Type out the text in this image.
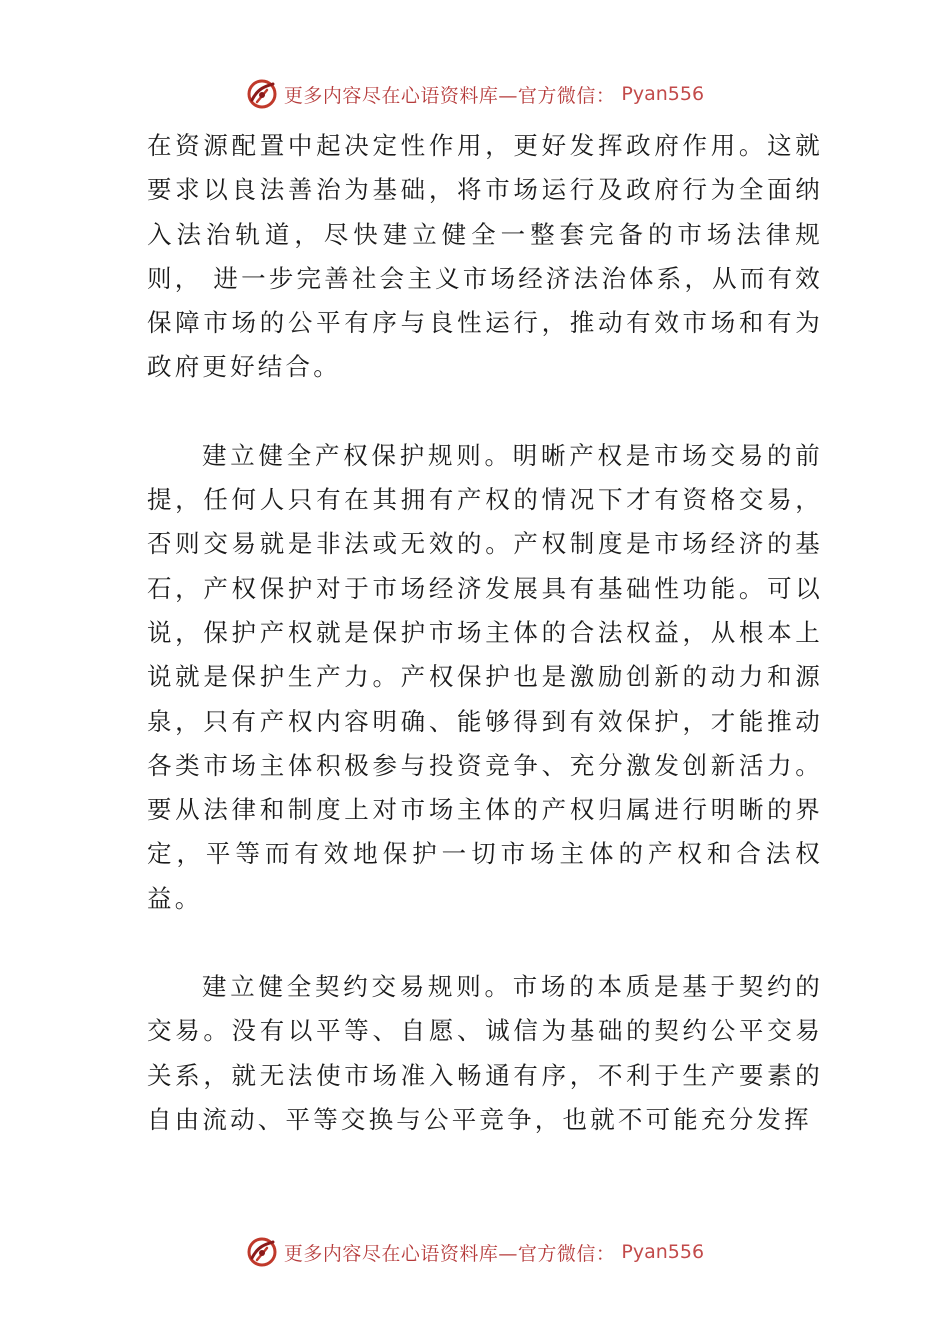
更多内容尽在心语资料库—官方微信： Pyan556

在资源配置中起决定性作用，更好发挥政府作用。这就要求以良法善治为基础，将市场运行及政府行为全面纳入法治轨道，尽快建立健全一整套完备的市场法律规则， 进一步完善社会主义市场经济法治体系，从而有效保障市场的公平有序与良性运行，推动有效市场和有为政府更好结合。

建立健全产权保护规则。明晰产权是市场交易的前提，任何人只有在其拥有产权的情况下才有资格交易，否则交易就是非法或无效的。产权制度是市场经济的基石，产权保护对于市场经济发展具有基础性功能。可以说，保护产权就是保护市场主体的合法权益，从根本上说就是保护生产力。产权保护也是激励创新的动力和源泉，只有产权内容明确、能够得到有效保护，才能推动各类市场主体积极参与投资竞争、充分激发创新活力。要从法律和制度上对市场主体的产权归属进行明晰的界定，平等而有效地保护一切市场主体的产权和合法权益。

建立健全契约交易规则。市场的本质是基于契约的交易。没有以平等、自愿、诚信为基础的契约公平交易关系，就无法使市场准入畅通有序，不利于生产要素的自由流动、平等交换与公平竞争，也就不可能充分发挥

更多内容尽在心语资料库—官方微信： Pyan556
